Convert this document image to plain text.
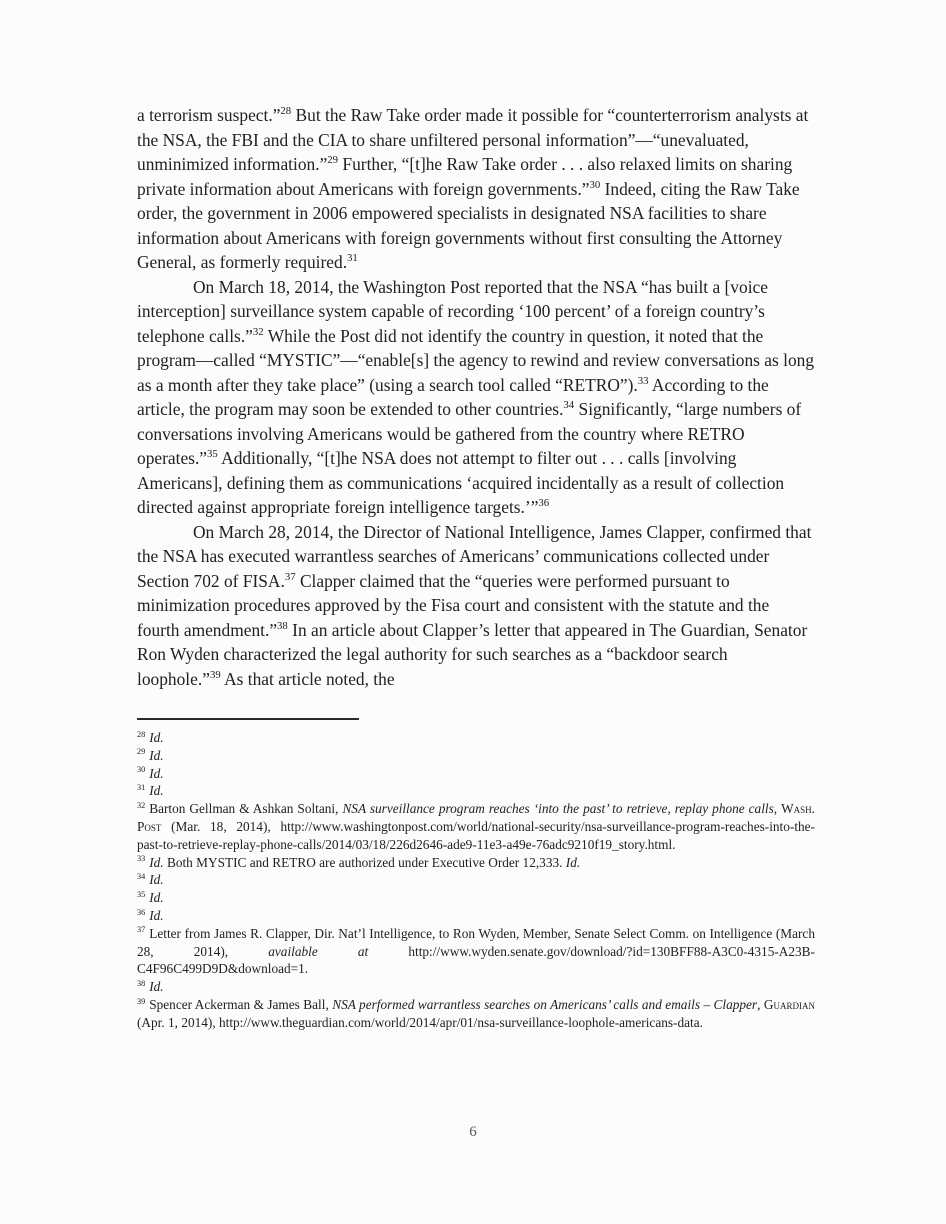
a terrorism suspect.”$^{28}$ But the Raw Take order made it possible for “counterterrorism analysts at the NSA, the FBI and the CIA to share unfiltered personal information”—“unevaluated, unminimized information.”$^{29}$ Further, “[t]he Raw Take order . . . also relaxed limits on sharing private information about Americans with foreign governments.”$^{30}$ Indeed, citing the Raw Take order, the government in 2006 empowered specialists in designated NSA facilities to share information about Americans with foreign governments without first consulting the Attorney General, as formerly required.$^{31}$

On March 18, 2014, the Washington Post reported that the NSA “has built a [voice interception] surveillance system capable of recording ‘100 percent’ of a foreign country’s telephone calls.”$^{32}$ While the Post did not identify the country in question, it noted that the program—called “MYSTIC”—“enable[s] the agency to rewind and review conversations as long as a month after they take place” (using a search tool called “RETRO”).$^{33}$ According to the article, the program may soon be extended to other countries.$^{34}$ Significantly, “large numbers of conversations involving Americans would be gathered from the country where RETRO operates.”$^{35}$ Additionally, “[t]he NSA does not attempt to filter out . . . calls [involving Americans], defining them as communications ‘acquired incidentally as a result of collection directed against appropriate foreign intelligence targets.’”$^{36}$

On March 28, 2014, the Director of National Intelligence, James Clapper, confirmed that the NSA has executed warrantless searches of Americans’ communications collected under Section 702 of FISA.$^{37}$ Clapper claimed that the “queries were performed pursuant to minimization procedures approved by the Fisa court and consistent with the statute and the fourth amendment.”$^{38}$ In an article about Clapper’s letter that appeared in The Guardian, Senator Ron Wyden characterized the legal authority for such searches as a “backdoor search loophole.”$^{39}$ As that article noted, the

$^{28}$ Id.
$^{29}$ Id.
$^{30}$ Id.
$^{31}$ Id.
$^{32}$ Barton Gellman & Ashkan Soltani, NSA surveillance program reaches ‘into the past’ to retrieve, replay phone calls, Wash. Post (Mar. 18, 2014), http://www.washingtonpost.com/world/national-security/nsa-surveillance-program-reaches-into-the-past-to-retrieve-replay-phone-calls/2014/03/18/226d2646-ade9-11e3-a49e-76adc9210f19_story.html.
$^{33}$ Id. Both MYSTIC and RETRO are authorized under Executive Order 12,333. Id.
$^{34}$ Id.
$^{35}$ Id.
$^{36}$ Id.
$^{37}$ Letter from James R. Clapper, Dir. Nat’l Intelligence, to Ron Wyden, Member, Senate Select Comm. on Intelligence (March 28, 2014), available at http://www.wyden.senate.gov/download/?id=130BFF88-A3C0-4315-A23B-C4F96C499D9D&download=1.
$^{38}$ Id.
$^{39}$ Spencer Ackerman & James Ball, NSA performed warrantless searches on Americans’ calls and emails – Clapper, Guardian (Apr. 1, 2014), http://www.theguardian.com/world/2014/apr/01/nsa-surveillance-loophole-americans-data.
6
